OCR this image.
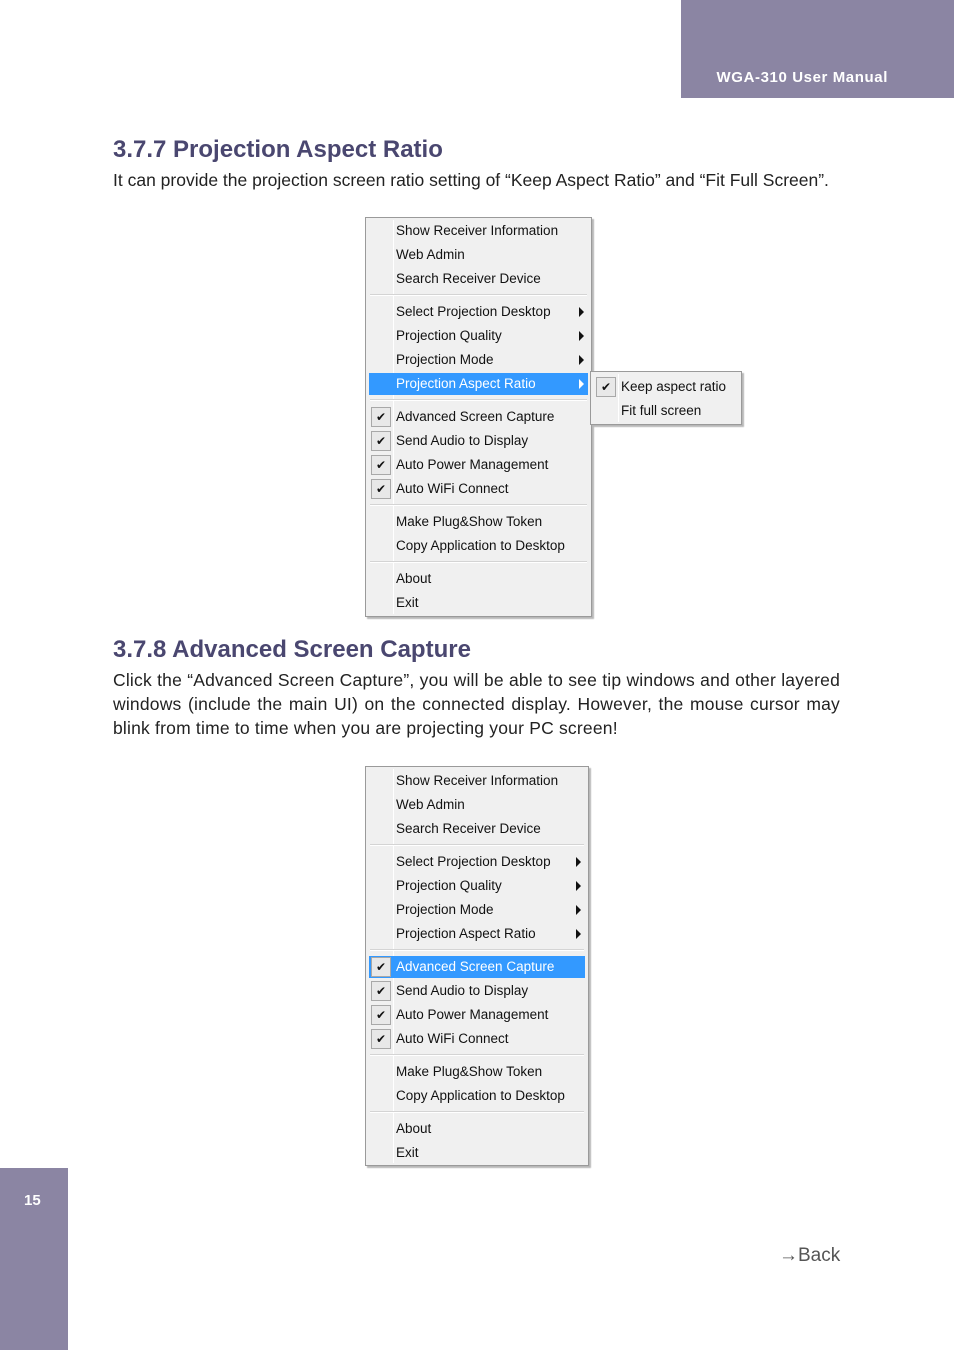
WGA-310 User Manual
3.7.7 Projection Aspect Ratio
It can provide the projection screen ratio setting of “Keep Aspect Ratio” and “Fit Full Screen”.
Show Receiver Information
Web Admin
Search Receiver Device
Select Projection Desktop
Projection Quality
Projection Mode
Projection Aspect Ratio
✔ Advanced Screen Capture
✔ Send Audio to Display
✔ Auto Power Management
✔ Auto WiFi Connect
Make Plug&Show Token
Copy Application to Desktop
About
Exit
✔ Keep aspect ratio
Fit full screen
3.7.8 Advanced Screen Capture
Click the “Advanced Screen Capture”, you will be able to see tip windows and other layered windows (include the main UI) on the connected display. However, the mouse cursor may blink from time to time when you are projecting your PC screen!
Show Receiver Information
Web Admin
Search Receiver Device
Select Projection Desktop
Projection Quality
Projection Mode
Projection Aspect Ratio
✔ Advanced Screen Capture
✔ Send Audio to Display
✔ Auto Power Management
✔ Auto WiFi Connect
Make Plug&Show Token
Copy Application to Desktop
About
Exit
15
→Back
